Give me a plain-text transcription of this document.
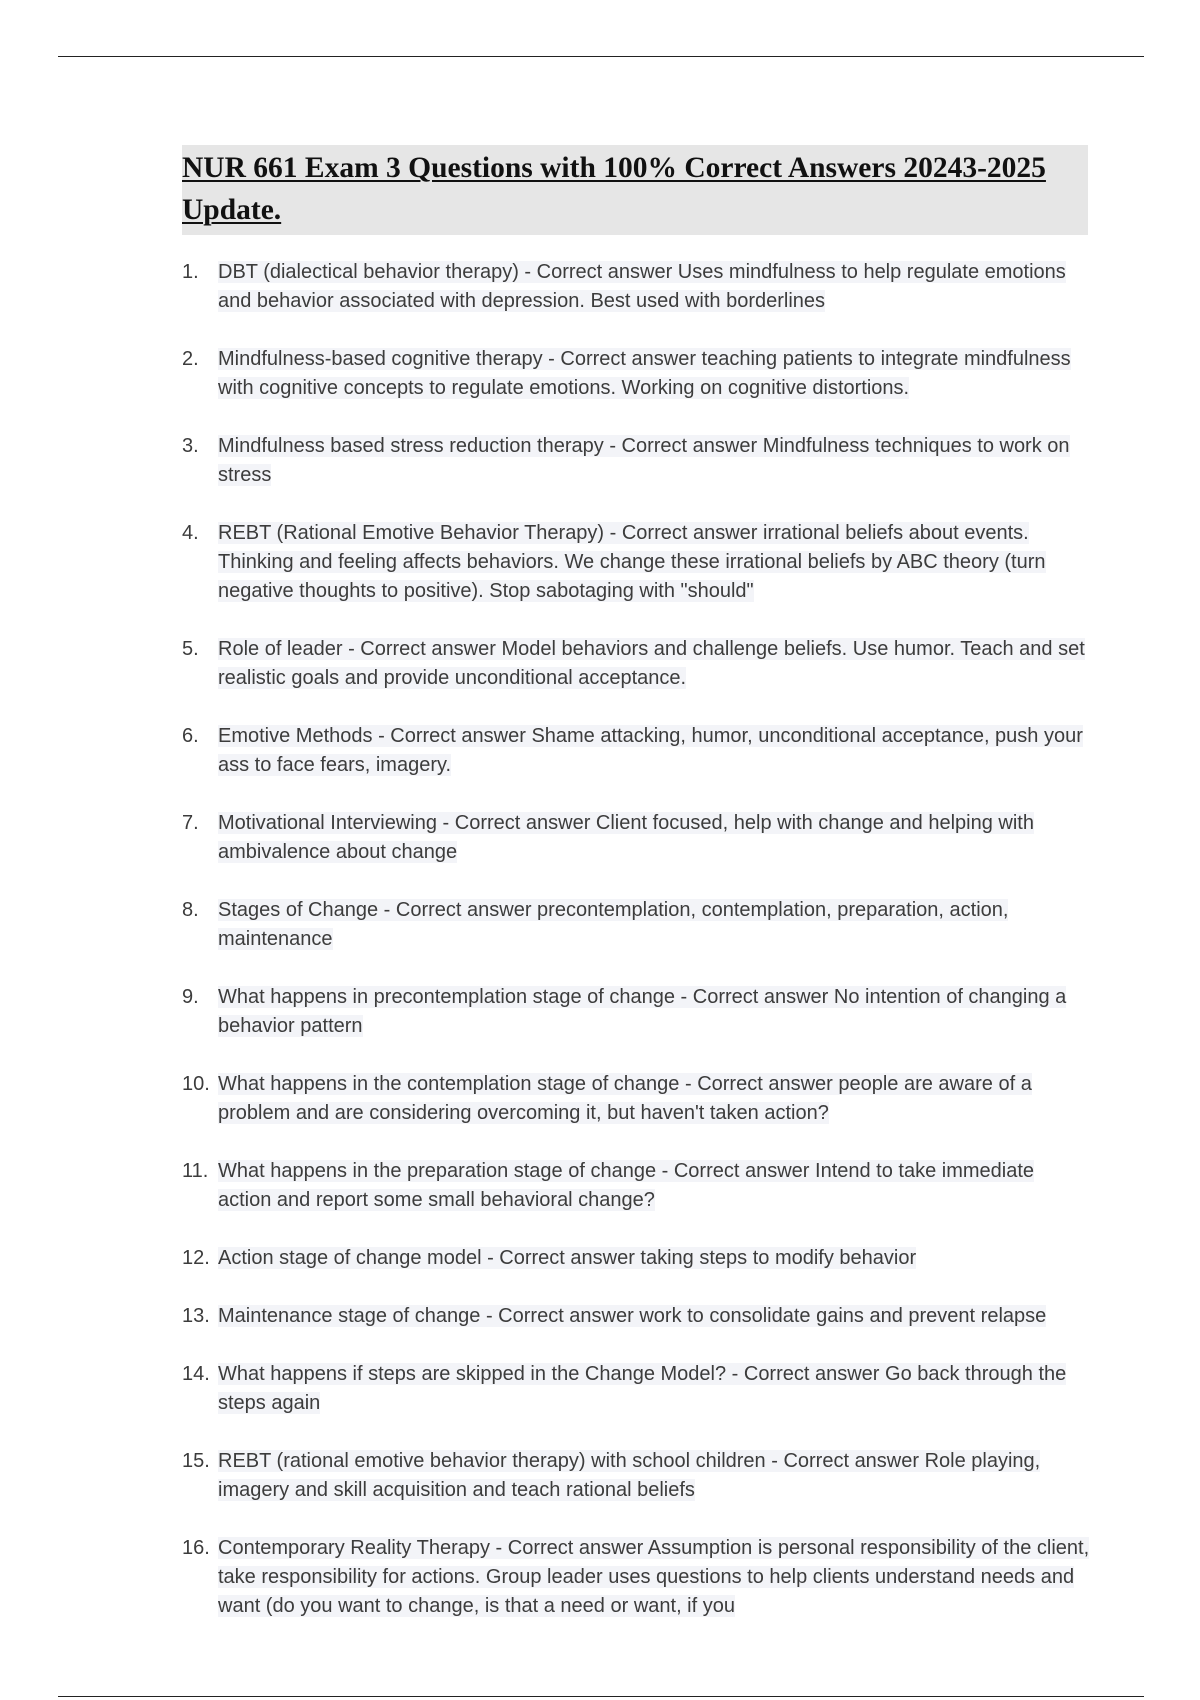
NUR 661 Exam 3 Questions with 100% Correct Answers 20243-2025 Update.
1. DBT (dialectical behavior therapy) - Correct answer Uses mindfulness to help regulate emotions and behavior associated with depression. Best used with borderlines
2. Mindfulness-based cognitive therapy - Correct answer teaching patients to integrate mindfulness with cognitive concepts to regulate emotions. Working on cognitive distortions.
3. Mindfulness based stress reduction therapy - Correct answer Mindfulness techniques to work on stress
4. REBT (Rational Emotive Behavior Therapy) - Correct answer irrational beliefs about events. Thinking and feeling affects behaviors. We change these irrational beliefs by ABC theory (turn negative thoughts to positive). Stop sabotaging with "should"
5. Role of leader - Correct answer Model behaviors and challenge beliefs. Use humor. Teach and set realistic goals and provide unconditional acceptance.
6. Emotive Methods - Correct answer Shame attacking, humor, unconditional acceptance, push your ass to face fears, imagery.
7. Motivational Interviewing - Correct answer Client focused, help with change and helping with ambivalence about change
8. Stages of Change - Correct answer precontemplation, contemplation, preparation, action, maintenance
9. What happens in precontemplation stage of change - Correct answer No intention of changing a behavior pattern
10. What happens in the contemplation stage of change - Correct answer people are aware of a problem and are considering overcoming it, but haven't taken action?
11. What happens in the preparation stage of change - Correct answer Intend to take immediate action and report some small behavioral change?
12. Action stage of change model - Correct answer taking steps to modify behavior
13. Maintenance stage of change - Correct answer work to consolidate gains and prevent relapse
14. What happens if steps are skipped in the Change Model? - Correct answer Go back through the steps again
15. REBT (rational emotive behavior therapy) with school children - Correct answer Role playing, imagery and skill acquisition and teach rational beliefs
16. Contemporary Reality Therapy - Correct answer Assumption is personal responsibility of the client, take responsibility for actions. Group leader uses questions to help clients understand needs and want (do you want to change, is that a need or want, if you
